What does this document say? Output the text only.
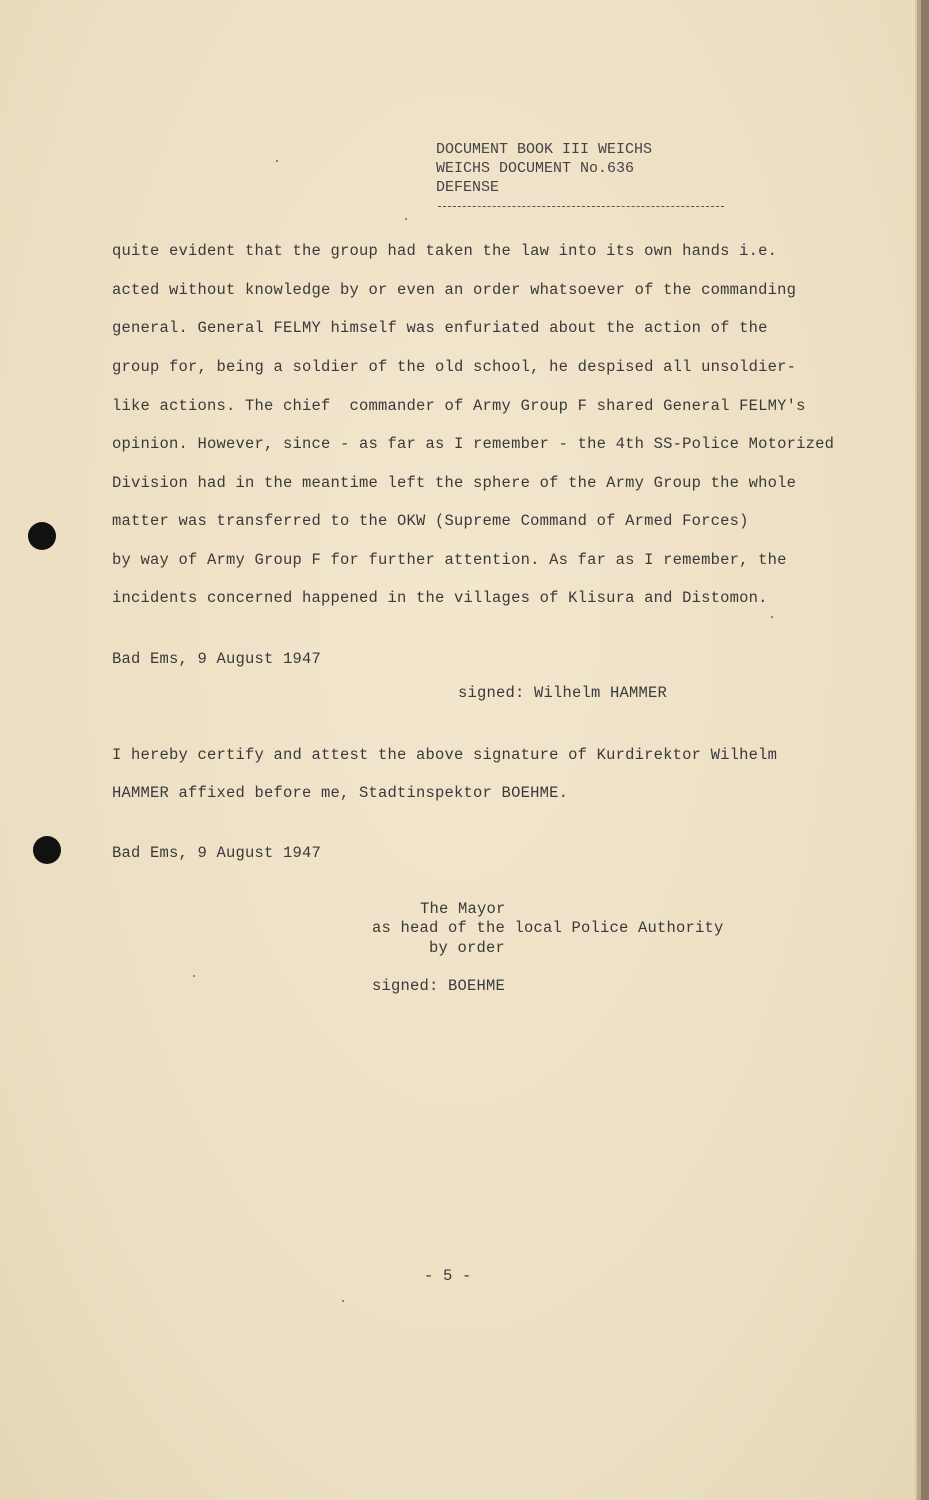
DOCUMENT BOOK III WEICHS
WEICHS DOCUMENT No.636
DEFENSE
quite evident that the group had taken the law into its own hands i.e.
acted without knowledge by or even an order whatsoever of the commanding
general. General FELMY himself was enfuriated about the action of the
group for, being a soldier of the old school, he despised all unsoldier-
like actions. The chief  commander of Army Group F shared General FELMY's
opinion. However, since - as far as I remember - the 4th SS-Police Motorized
Division had in the meantime left the sphere of the Army Group the whole
matter was transferred to the OKW (Supreme Command of Armed Forces)
by way of Army Group F for further attention. As far as I remember, the
incidents concerned happened in the villages of Klisura and Distomon.
Bad Ems, 9 August 1947
signed: Wilhelm HAMMER
I hereby certify and attest the above signature of Kurdirektor Wilhelm
HAMMER affixed before me, Stadtinspektor BOEHME.
Bad Ems, 9 August 1947
The Mayor
as head of the local Police Authority
by order
signed: BOEHME
- 5 -
